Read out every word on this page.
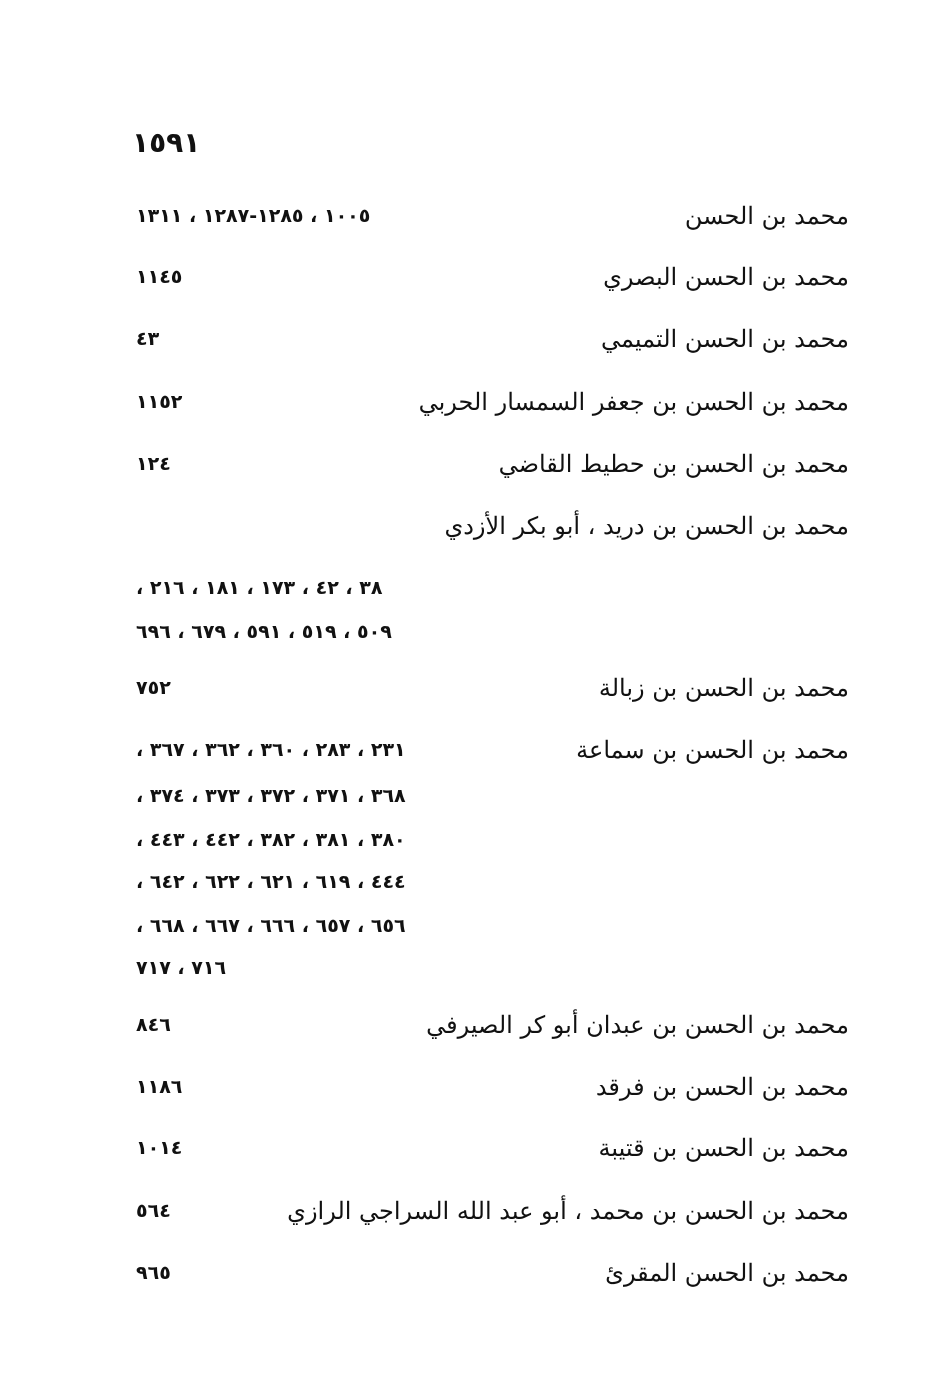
١٥٩١
محمد بن الحسن
١٠٠٥ ، ١٢٨٥-١٢٨٧ ، ١٣١١
محمد بن الحسن البصري
١١٤٥
محمد بن الحسن التميمي
٤٣
محمد بن الحسن بن جعفر السمسار الحربي
١١٥٢
محمد بن الحسن بن حطيط القاضي
١٢٤
محمد بن الحسن بن دريد ، أبو بكر الأزدي
٣٨ ، ٤٢ ، ١٧٣ ، ١٨١ ، ٢١٦ ،
٥٠٩ ، ٥١٩ ، ٥٩١ ، ٦٧٩ ، ٦٩٦
محمد بن الحسن بن زبالة
٧٥٢
محمد بن الحسن بن سماعة
٢٣١ ، ٢٨٣ ، ٣٦٠ ، ٣٦٢ ، ٣٦٧ ،
٣٦٨ ، ٣٧١ ، ٣٧٢ ، ٣٧٣ ، ٣٧٤ ،
٣٨٠ ، ٣٨١ ، ٣٨٢ ، ٤٤٢ ، ٤٤٣ ،
٤٤٤ ، ٦١٩ ، ٦٢١ ، ٦٢٢ ، ٦٤٢ ،
٦٥٦ ، ٦٥٧ ، ٦٦٦ ، ٦٦٧ ، ٦٦٨ ،
٧١٦ ، ٧١٧
محمد بن الحسن بن عبدان أبو كر الصيرفي
٨٤٦
محمد بن الحسن بن فرقد
١١٨٦
محمد بن الحسن بن قتيبة
١٠١٤
محمد بن الحسن بن محمد ، أبو عبد الله السراجي الرازي
٥٦٤
محمد بن الحسن المقرئ
٩٦٥
